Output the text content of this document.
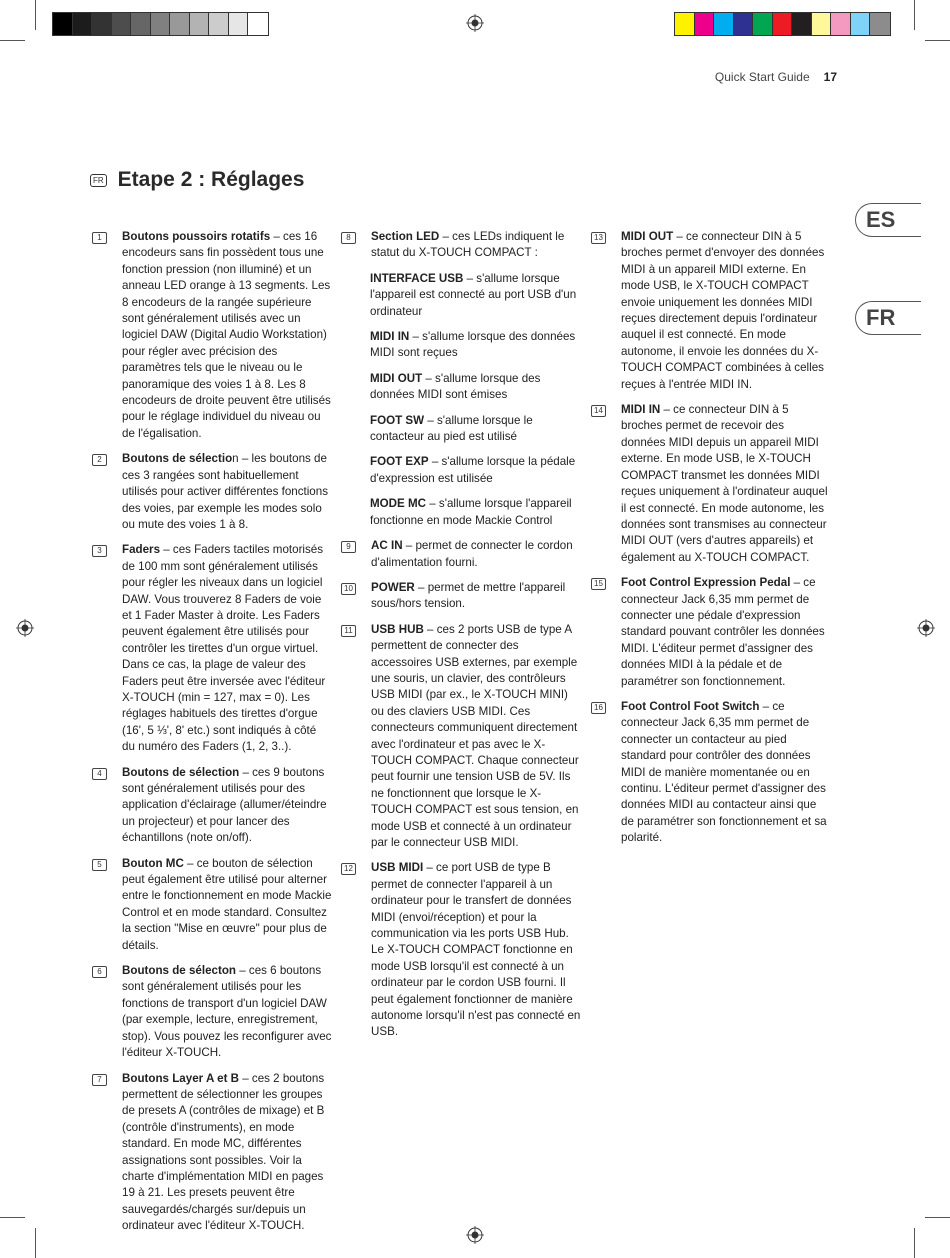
Quick Start Guide 17
FR Etape 2 : Réglages
ES
FR
1	Boutons poussoirs rotatifs – ces 16 encodeurs sans fin possèdent tous une fonction pression (non illuminé) et un anneau LED orange à 13 segments. Les 8 encodeurs de la rangée supérieure sont généralement utilisés avec un logiciel DAW (Digital Audio Workstation) pour régler avec précision des paramètres tels que le niveau ou le panoramique des voies 1 à 8. Les 8 encodeurs de droite peuvent être utilisés pour le réglage individuel du niveau ou de l'égalisation.
2	Boutons de sélection – les boutons de ces 3 rangées sont habituellement utilisés pour activer différentes fonctions des voies, par exemple les modes solo ou mute des voies 1 à 8.
3	Faders – ces Faders tactiles motorisés de 100 mm sont généralement utilisés pour régler les niveaux dans un logiciel DAW. Vous trouverez 8 Faders de voie et 1 Fader Master à droite. Les Faders peuvent également être utilisés pour contrôler les tirettes d'un orgue virtuel. Dans ce cas, la plage de valeur des Faders peut être inversée avec l'éditeur X-TOUCH (min = 127, max = 0). Les réglages habituels des tirettes d'orgue (16', 5 ⅓', 8' etc.) sont indiqués à côté du numéro des Faders (1, 2, 3..).
4	Boutons de sélection – ces 9 boutons sont généralement utilisés pour des application d'éclairage (allumer/éteindre un projecteur) et pour lancer des échantillons (note on/off).
5	Bouton MC – ce bouton de sélection peut également être utilisé pour alterner entre le fonctionnement en mode Mackie Control et en mode standard. Consultez la section "Mise en œuvre" pour plus de détails.
6	Boutons de sélecton – ces 6 boutons sont généralement utilisés pour les fonctions de transport d'un logiciel DAW (par exemple, lecture, enregistrement, stop). Vous pouvez les reconfigurer avec l'éditeur X-TOUCH.
7	Boutons Layer A et B – ces 2 boutons permettent de sélectionner les groupes de presets A (contrôles de mixage) et B (contrôle d'instruments), en mode standard. En mode MC, différentes assignations sont possibles. Voir la charte d'implémentation MIDI en pages 19 à 21. Les presets peuvent être sauvegardés/chargés sur/depuis un ordinateur avec l'éditeur X-TOUCH.
8	Section LED – ces LEDs indiquent le statut du X-TOUCH COMPACT :
INTERFACE USB – s'allume lorsque l'appareil est connecté au port USB d'un ordinateur
MIDI IN – s'allume lorsque des données MIDI sont reçues
MIDI OUT – s'allume lorsque des données MIDI sont émises
FOOT SW – s'allume lorsque le contacteur au pied est utilisé
FOOT EXP – s'allume lorsque la pédale d'expression est utilisée
MODE MC – s'allume lorsque l'appareil fonctionne en mode Mackie Control
9	AC IN – permet de connecter le cordon d'alimentation fourni.
10 POWER – permet de mettre l'appareil sous/hors tension.
11 USB HUB – ces 2 ports USB de type A permettent de connecter des accessoires USB externes, par exemple une souris, un clavier, des contrôleurs USB MIDI (par ex., le X-TOUCH MINI) ou des claviers USB MIDI. Ces connecteurs communiquent directement avec l'ordinateur et pas avec le X-TOUCH COMPACT. Chaque connecteur peut fournir une tension USB de 5V. Ils ne fonctionnent que lorsque le X-TOUCH COMPACT est sous tension, en mode USB et connecté à un ordinateur par le connecteur USB MIDI.
12 USB MIDI – ce port USB de type B permet de connecter l'appareil à un ordinateur pour le transfert de données MIDI (envoi/réception) et pour la communication via les ports USB Hub. Le X-TOUCH COMPACT fonctionne en mode USB lorsqu'il est connecté à un ordinateur par le cordon USB fourni. Il peut également fonctionner de manière autonome lorsqu'il n'est pas connecté en USB.
13 MIDI OUT – ce connecteur DIN à 5 broches permet d'envoyer des données MIDI à un appareil MIDI externe. En mode USB, le X-TOUCH COMPACT envoie uniquement les données MIDI reçues directement depuis l'ordinateur auquel il est connecté. En mode autonome, il envoie les données du X-TOUCH COMPACT combinées à celles reçues à l'entrée MIDI IN.
14 MIDI IN – ce connecteur DIN à 5 broches permet de recevoir des données MIDI depuis un appareil MIDI externe. En mode USB, le X-TOUCH COMPACT transmet les données MIDI reçues uniquement à l'ordinateur auquel il est connecté. En mode autonome, les données sont transmises au connecteur MIDI OUT (vers d'autres appareils) et également au X-TOUCH COMPACT.
15 Foot Control Expression Pedal – ce connecteur Jack 6,35 mm permet de connecter une pédale d'expression standard pouvant contrôler les données MIDI. L'éditeur permet d'assigner des données MIDI à la pédale et de paramétrer son fonctionnement.
16 Foot Control Foot Switch – ce connecteur Jack 6,35 mm permet de connecter un contacteur au pied standard pour contrôler des données MIDI de manière momentanée ou en continu. L'éditeur permet d'assigner des données MIDI au contacteur ainsi que de paramétrer son fonctionnement et sa polarité.
